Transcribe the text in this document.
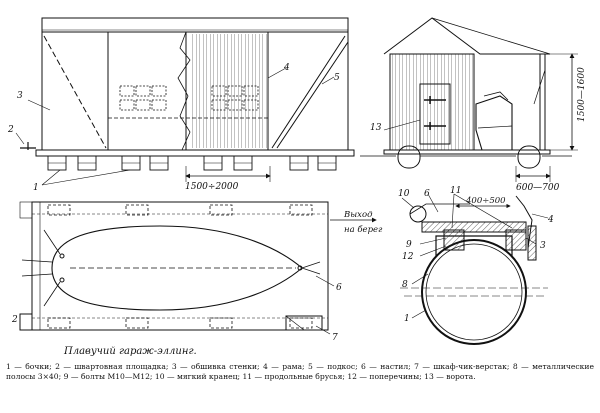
1500÷2000
3
2
1
4
5	1500—1600
600—700
13
Выход
на берег
6
7
2
10 6 11
400÷500
4
3
9
12
8
1
Плавучий гараж-эллинг.
1 — бочки; 2 — швартовная площадка; 3 — обшивка стенки; 4 — рама; 5 — подкос; 6 — настил; 7 — шкаф-чик-верстак; 8 — металлические полосы 3×40; 9 — болты М10—М12; 10 — мягкий кранец; 11 — продольные брусья; 12 — поперечины; 13 — ворота.
